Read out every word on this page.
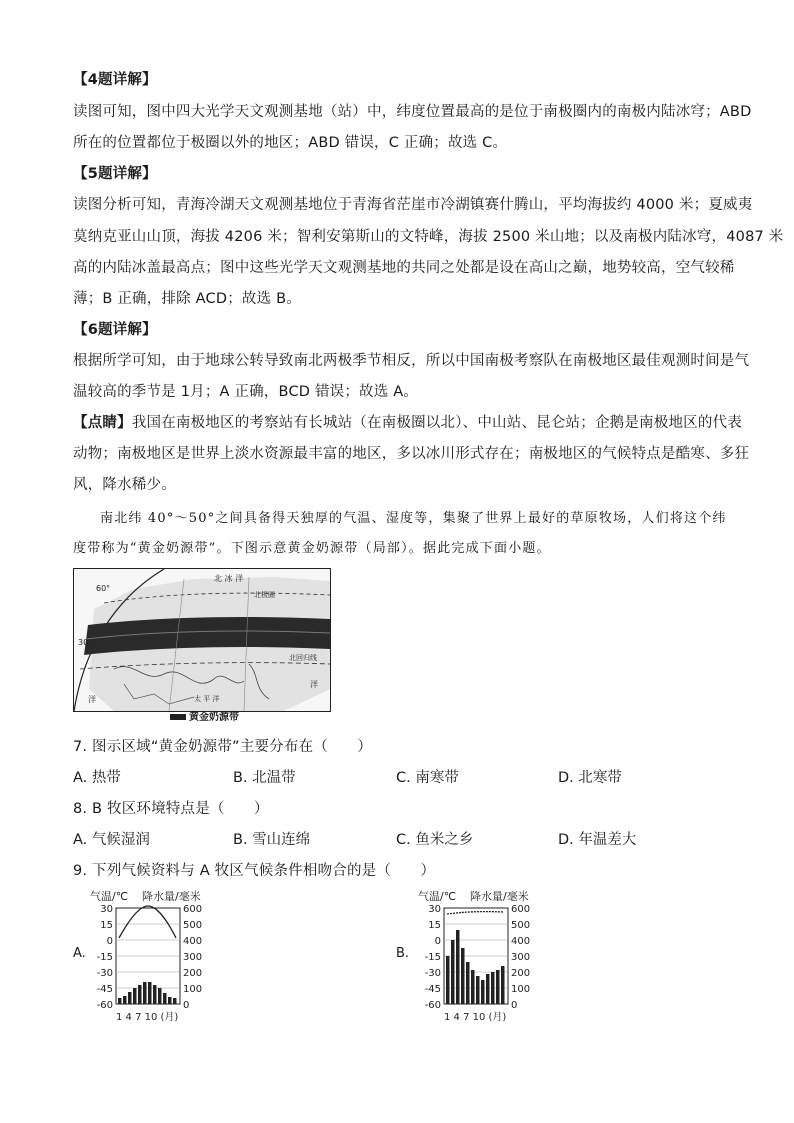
【4题详解】
读图可知，图中四大光学天文观测基地（站）中，纬度位置最高的是位于南极圈内的南极内陆冰穹；ABD
所在的位置都位于极圈以外的地区；ABD 错误，C 正确；故选 C。
【5题详解】
读图分析可知，青海冷湖天文观测基地位于青海省茫崖市冷湖镇赛什腾山，平均海拔约 4000 米；夏威夷
莫纳克亚山山顶，海拔 4206 米；智利安第斯山的文特峰，海拔 2500 米山地；以及南极内陆冰穹，4087 米
高的内陆冰盖最高点；图中这些光学天文观测基地的共同之处都是设在高山之巅，地势较高，空气较稀
薄；B 正确，排除 ACD；故选 B。
【6题详解】
根据所学可知，由于地球公转导致南北两极季节相反，所以中国南极考察队在南极地区最佳观测时间是气
温较高的季节是 1月；A 正确，BCD 错误；故选 A。
【点睛】我国在南极地区的考察站有长城站（在南极圈以北）、中山站、昆仑站；企鹅是南极地区的代表
动物；南极地区是世界上淡水资源最丰富的地区，多以冰川形式存在；南极地区的气候特点是酷寒、多狂
风，降水稀少。
南北纬 40°～50°之间具备得天独厚的气温、湿度等，集聚了世界上最好的草原牧场，人们将这个纬
度带称为“黄金奶源带”。下图示意黄金奶源带（局部）。据此完成下面小题。
60°
30°
北 冰 洋
北极圈
北回归线
太 平 洋
洋
洋
黄金奶源带
7. 图示区域“黄金奶源带”主要分布在（　　）
A. 热带	B. 北温带	C. 南寒带	D. 北寒带
8. B 牧区环境特点是（　　）
A. 气候湿润	B. 雪山连绵	C. 鱼米之乡	D. 年温差大
9. 下列气候资料与 A 牧区气候条件相吻合的是（　　）
A.
气温/℃ 降水量/毫米
30
15
0
-15
-30
-45
-60
600
500
400
300
200
100
0
1 4 7 10 (月)
B.
气温/℃ 降水量/毫米
30
15
0
-15
-30
-45
-60
600
500
400
300
200
100
0
1 4 7 10 (月)
